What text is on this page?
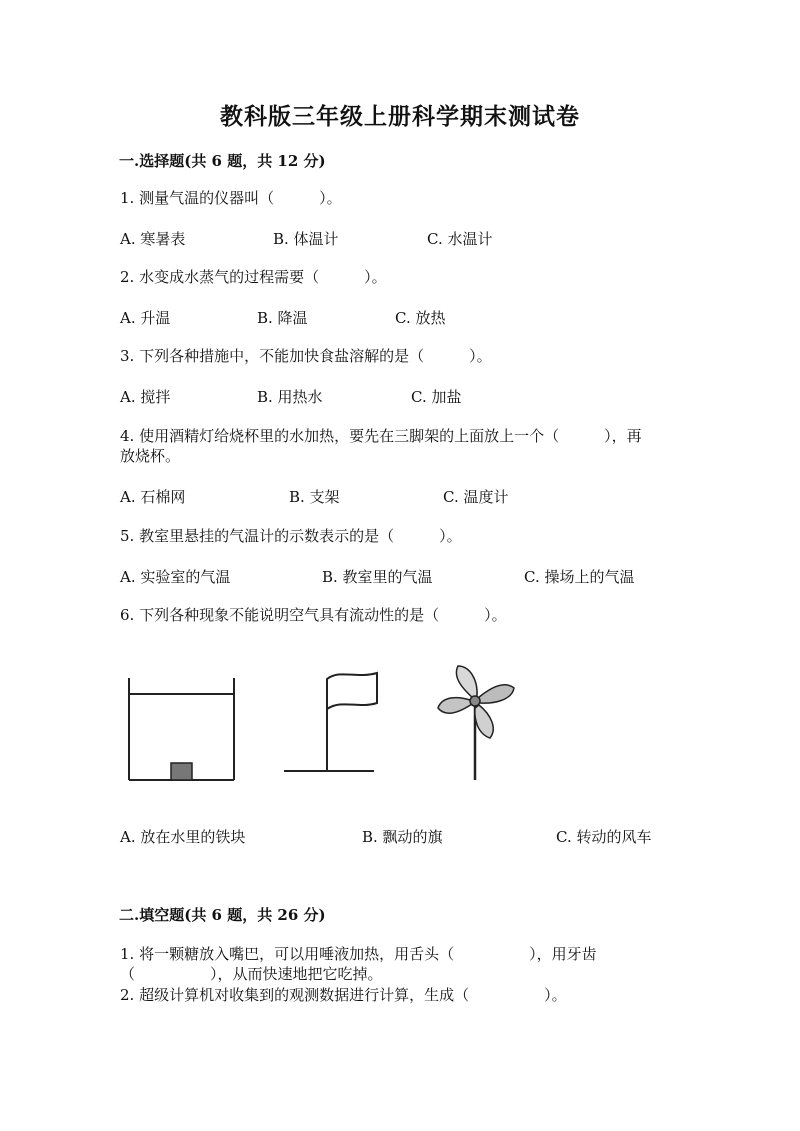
教科版三年级上册科学期末测试卷
一.选择题(共 6 题，共 12 分)
1. 测量气温的仪器叫（　　　）。
A. 寒暑表	B. 体温计	C. 水温计
2. 水变成水蒸气的过程需要（　　　）。
A. 升温	B. 降温	C. 放热
3. 下列各种措施中，不能加快食盐溶解的是（　　　）。
A. 搅拌	B. 用热水	C. 加盐
4. 使用酒精灯给烧杯里的水加热，要先在三脚架的上面放上一个（　　　），再
放烧杯。
A. 石棉网	B. 支架	C. 温度计
5. 教室里悬挂的气温计的示数表示的是（　　　）。
A. 实验室的气温	B. 教室里的气温	C. 操场上的气温
6. 下列各种现象不能说明空气具有流动性的是（　　　）。
A. 放在水里的铁块	B. 飘动的旗	C. 转动的风车
二.填空题(共 6 题，共 26 分)
1. 将一颗糖放入嘴巴，可以用唾液加热，用舌头（　　　　　），用牙齿
（　　　　　），从而快速地把它吃掉。
2. 超级计算机对收集到的观测数据进行计算，生成（　　　　　）。
